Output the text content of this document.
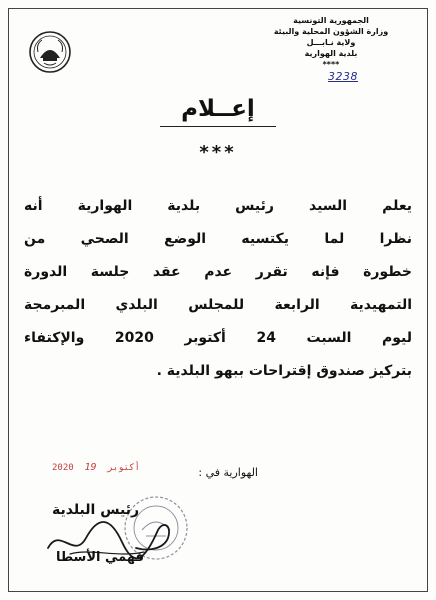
الجمهورية التونسية
وزارة الشؤون المحلية والبيئة
ولاية نـابـــل
بلدية الهوارية
****
3238
إعــلام
***
يعلم السيد رئيس بلدية الهوارية أنه
نظرا لما يكتسيه الوضع الصحي من
خطورة فإنه تقرر عدم عقد جلسة الدورة
التمهيدية الرابعة للمجلس البلدي المبرمجة
ليوم السبت 24 أكتوبر 2020 والإكتفاء
بتركيز صندوق إقتراحات ببهو البلدية .
الهوارية في :
2020	أكتوبر  19
رئيس البلدية
فهمي الأسطا
